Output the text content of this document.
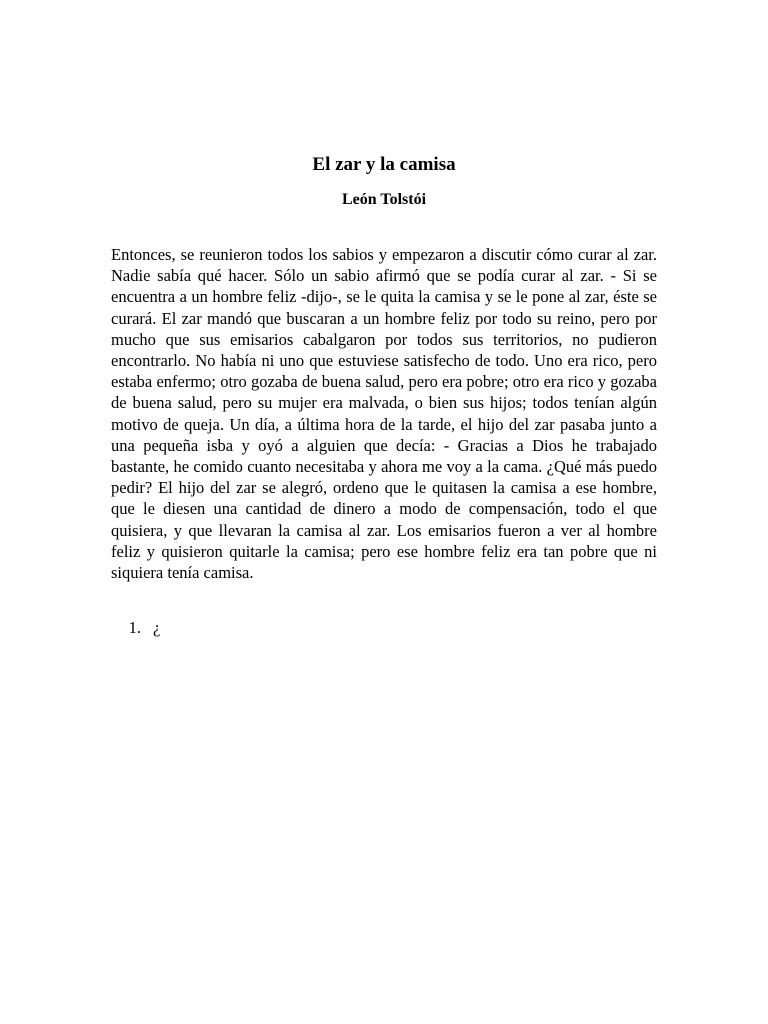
El zar y la camisa
León Tolstói

Entonces, se reunieron todos los sabios y empezaron a discutir cómo curar al zar. Nadie sabía qué hacer. Sólo un sabio afirmó que se podía curar al zar. - Si se encuentra a un hombre feliz -dijo-, se le quita la camisa y se le pone al zar, éste se curará. El zar mandó que buscaran a un hombre feliz por todo su reino, pero por mucho que sus emisarios cabalgaron por todos sus territorios, no pudieron encontrarlo. No había ni uno que estuviese satisfecho de todo. Uno era rico, pero estaba enfermo; otro gozaba de buena salud, pero era pobre; otro era rico y gozaba de buena salud, pero su mujer era malvada, o bien sus hijos; todos tenían algún motivo de queja. Un día, a última hora de la tarde, el hijo del zar pasaba junto a una pequeña isba y oyó a alguien que decía: - Gracias a Dios he trabajado bastante, he comido cuanto necesitaba y ahora me voy a la cama. ¿Qué más puedo pedir? El hijo del zar se alegró, ordeno que le quitasen la camisa a ese hombre, que le diesen una cantidad de dinero a modo de compensación, todo el que quisiera, y que llevaran la camisa al zar. Los emisarios fueron a ver al hombre feliz y quisieron quitarle la camisa; pero ese hombre feliz era tan pobre que ni siquiera tenía camisa.

1. ¿
